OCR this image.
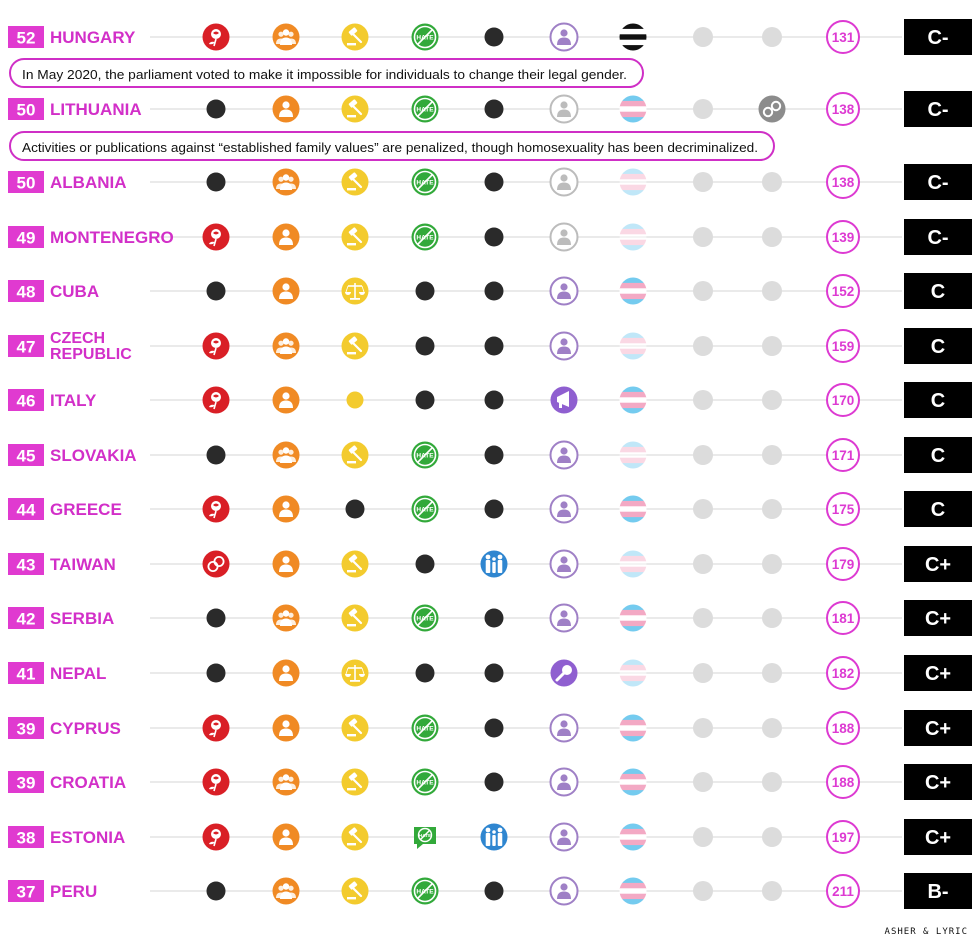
52 HUNGARY	HATE	131	C-
50 LITHUANIA	HATE	138	C-
50 ALBANIA	HATE	138	C-
49 MONTENEGRO	HATE	139	C-
48 CUBA	152	C
47 CZECH
REPUBLIC	159	C
46 ITALY	170	C
45 SLOVAKIA	HATE	171	C
44 GREECE	HATE	175	C
43 TAIWAN	179	C+
42 SERBIA	HATE	181	C+
41 NEPAL	182	C+
39 CYPRUS	HATE	188	C+
39 CROATIA	HATE	188	C+
38 ESTONIA	HATE	197	C+
37 PERU	HATE	211	B-
In May 2020, the parliament voted to make it impossible for individuals to change their legal gender.
Activities or publications against “established family values” are penalized, though homosexuality has been decriminalized.
ASHER & LYRIC
